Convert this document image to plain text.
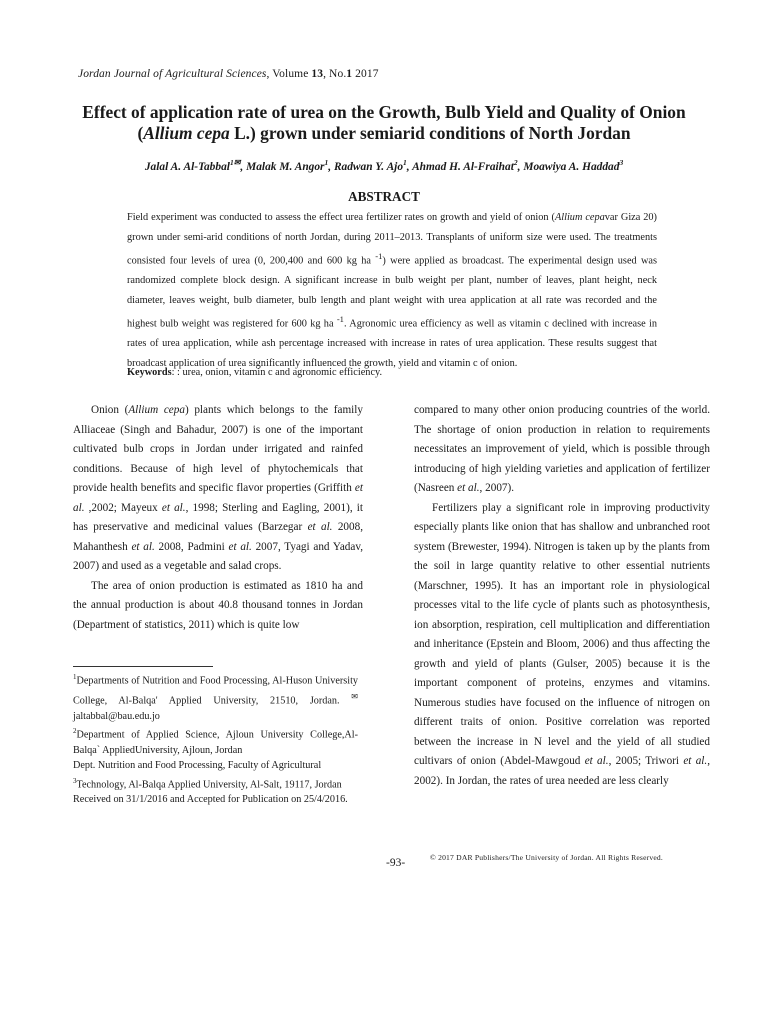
Jordan Journal of Agricultural Sciences, Volume 13, No.1 2017
Effect of application rate of urea on the Growth, Bulb Yield and Quality of Onion
(Allium cepa L.) grown under semiarid conditions of North Jordan
Jalal A. Al-Tabbal$^1$✉, Malak M. Angor$^1$, Radwan Y. Ajo$^1$, Ahmad H. Al-Fraihat$^2$, Moawiya A. Haddad$^3$
ABSTRACT
Field experiment was conducted to assess the effect urea fertilizer rates on growth and yield of onion (Allium cepavar Giza 20) grown under semi-arid conditions of north Jordan, during 2011–2013. Transplants of uniform size were used. The treatments consisted four levels of urea (0, 200,400 and 600 kg ha $^{-1}$) were applied as broadcast. The experimental design used was randomized complete block design. A significant increase in bulb weight per plant, number of leaves, plant height, neck diameter, leaves weight, bulb diameter, bulb length and plant weight with urea application at all rate was recorded and the highest bulb weight was registered for 600 kg ha $^{-1}$. Agronomic urea efficiency as well as vitamin c declined with increase in rates of urea application, while ash percentage increased with increase in rates of urea application. These results suggest that broadcast application of urea significantly influenced the growth, yield and vitamin c of onion.
Keywords: : urea, onion, vitamin c and agronomic efficiency.

Onion (Allium cepa) plants which belongs to the family Alliaceae (Singh and Bahadur, 2007) is one of the important cultivated bulb crops in Jordan under irrigated and rainfed conditions. Because of high level of phytochemicals that provide health benefits and specific flavor properties (Griffith et al. ,2002; Mayeux et al., 1998; Sterling and Eagling, 2001), it has preservative and medicinal values (Barzegar et al. 2008, Mahanthesh et al. 2008, Padmini et al. 2007, Tyagi and Yadav, 2007) and used as a vegetable and salad crops.

The area of onion production is estimated as 1810 ha and the annual production is about 40.8 thousand tonnes in Jordan (Department of statistics, 2011) which is quite low

$^1$Departments of Nutrition and Food Processing, Al-Huson University College, Al-Balqa' Applied University, 21510, Jordan. ✉jaltabbal@bau.edu.jo
$^2$Department of Applied Science, Ajloun University College,Al-Balqa` AppliedUniversity, Ajloun, Jordan
Dept. Nutrition and Food Processing, Faculty of Agricultural
$^3$Technology, Al-Balqa Applied University, Al-Salt, 19117, Jordan
Received on 31/1/2016 and Accepted for Publication on 25/4/2016.

compared to many other onion producing countries of the world. The shortage of onion production in relation to requirements necessitates an improvement of yield, which is possible through introducing of high yielding varieties and application of fertilizer (Nasreen et al., 2007).

Fertilizers play a significant role in improving productivity especially plants like onion that has shallow and unbranched root system (Brewester, 1994). Nitrogen is taken up by the plants from the soil in large quantity relative to other essential nutrients (Marschner, 1995). It has an important role in physiological processes vital to the life cycle of plants such as photosynthesis, ion absorption, respiration, cell multiplication and differentiation and inheritance (Epstein and Bloom, 2006) and thus affecting the growth and yield of plants (Gulser, 2005) because it is the important component of proteins, enzymes and vitamins. Numerous studies have focused on the influence of nitrogen on different traits of onion. Positive correlation was reported between the increase in N level and the yield of all studied cultivars of onion (Abdel-Mawgoud et al., 2005; Triwori et al., 2002). In Jordan, the rates of urea needed are less clearly

-93-	© 2017 DAR Publishers/The University of Jordan. All Rights Reserved.
